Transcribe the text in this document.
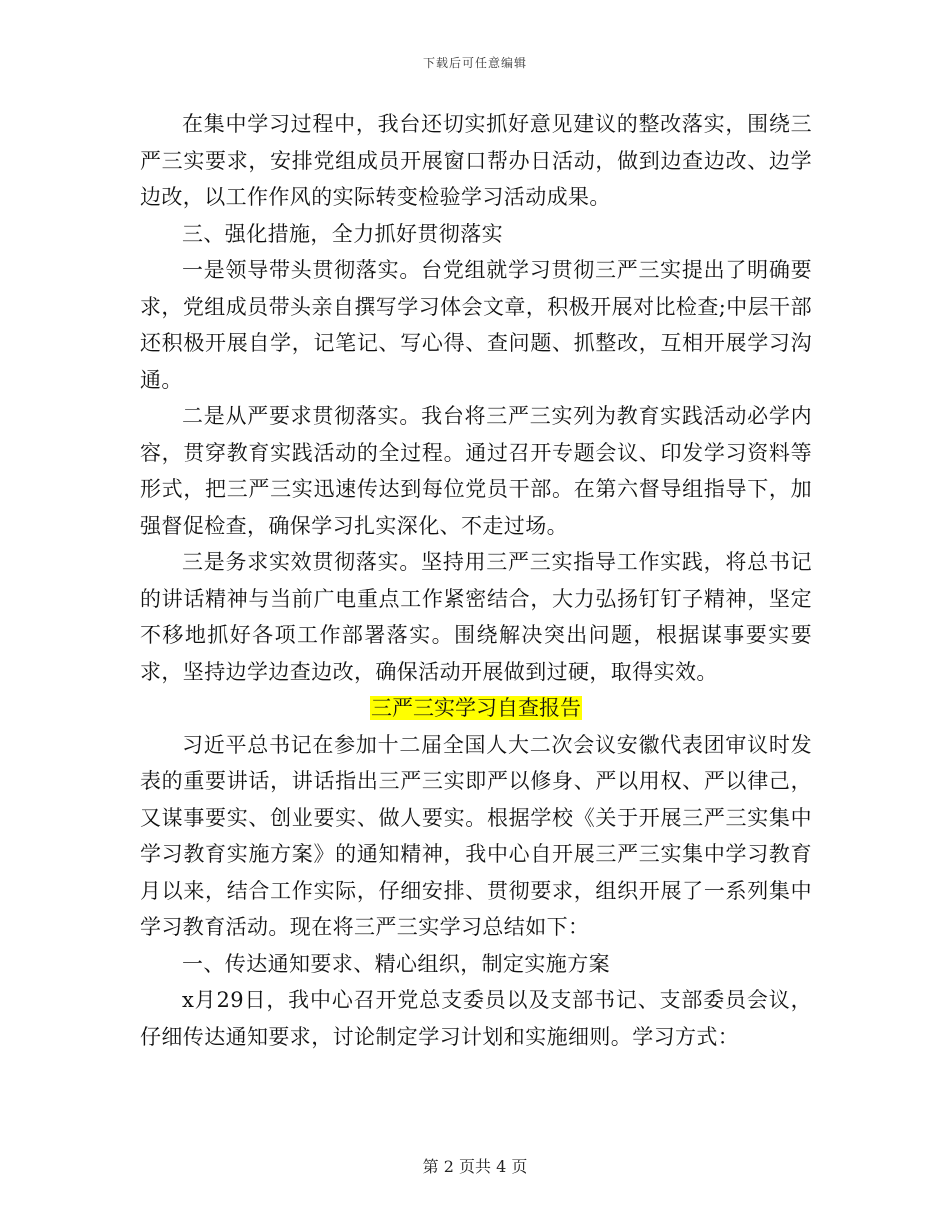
下载后可任意编辑

在集中学习过程中，我台还切实抓好意见建议的整改落实，围绕三严三实要求，安排党组成员开展窗口帮办日活动，做到边查边改、边学边改，以工作作风的实际转变检验学习活动成果。

三、强化措施，全力抓好贯彻落实

一是领导带头贯彻落实。台党组就学习贯彻三严三实提出了明确要求，党组成员带头亲自撰写学习体会文章，积极开展对比检查;中层干部还积极开展自学，记笔记、写心得、查问题、抓整改，互相开展学习沟通。

二是从严要求贯彻落实。我台将三严三实列为教育实践活动必学内容，贯穿教育实践活动的全过程。通过召开专题会议、印发学习资料等形式，把三严三实迅速传达到每位党员干部。在第六督导组指导下，加强督促检查，确保学习扎实深化、不走过场。

三是务求实效贯彻落实。坚持用三严三实指导工作实践，将总书记的讲话精神与当前广电重点工作紧密结合，大力弘扬钉钉子精神，坚定不移地抓好各项工作部署落实。围绕解决突出问题，根据谋事要实要求，坚持边学边查边改，确保活动开展做到过硬，取得实效。

三严三实学习自查报告

习近平总书记在参加十二届全国人大二次会议安徽代表团审议时发表的重要讲话，讲话指出三严三实即严以修身、严以用权、严以律己，又谋事要实、创业要实、做人要实。根据学校《关于开展三严三实集中学习教育实施方案》的通知精神，我中心自开展三严三实集中学习教育月以来，结合工作实际，仔细安排、贯彻要求，组织开展了一系列集中学习教育活动。现在将三严三实学习总结如下：

一、传达通知要求、精心组织，制定实施方案

x月29日，我中心召开党总支委员以及支部书记、支部委员会议，仔细传达通知要求，讨论制定学习计划和实施细则。学习方式：

第 2 页共 4 页
